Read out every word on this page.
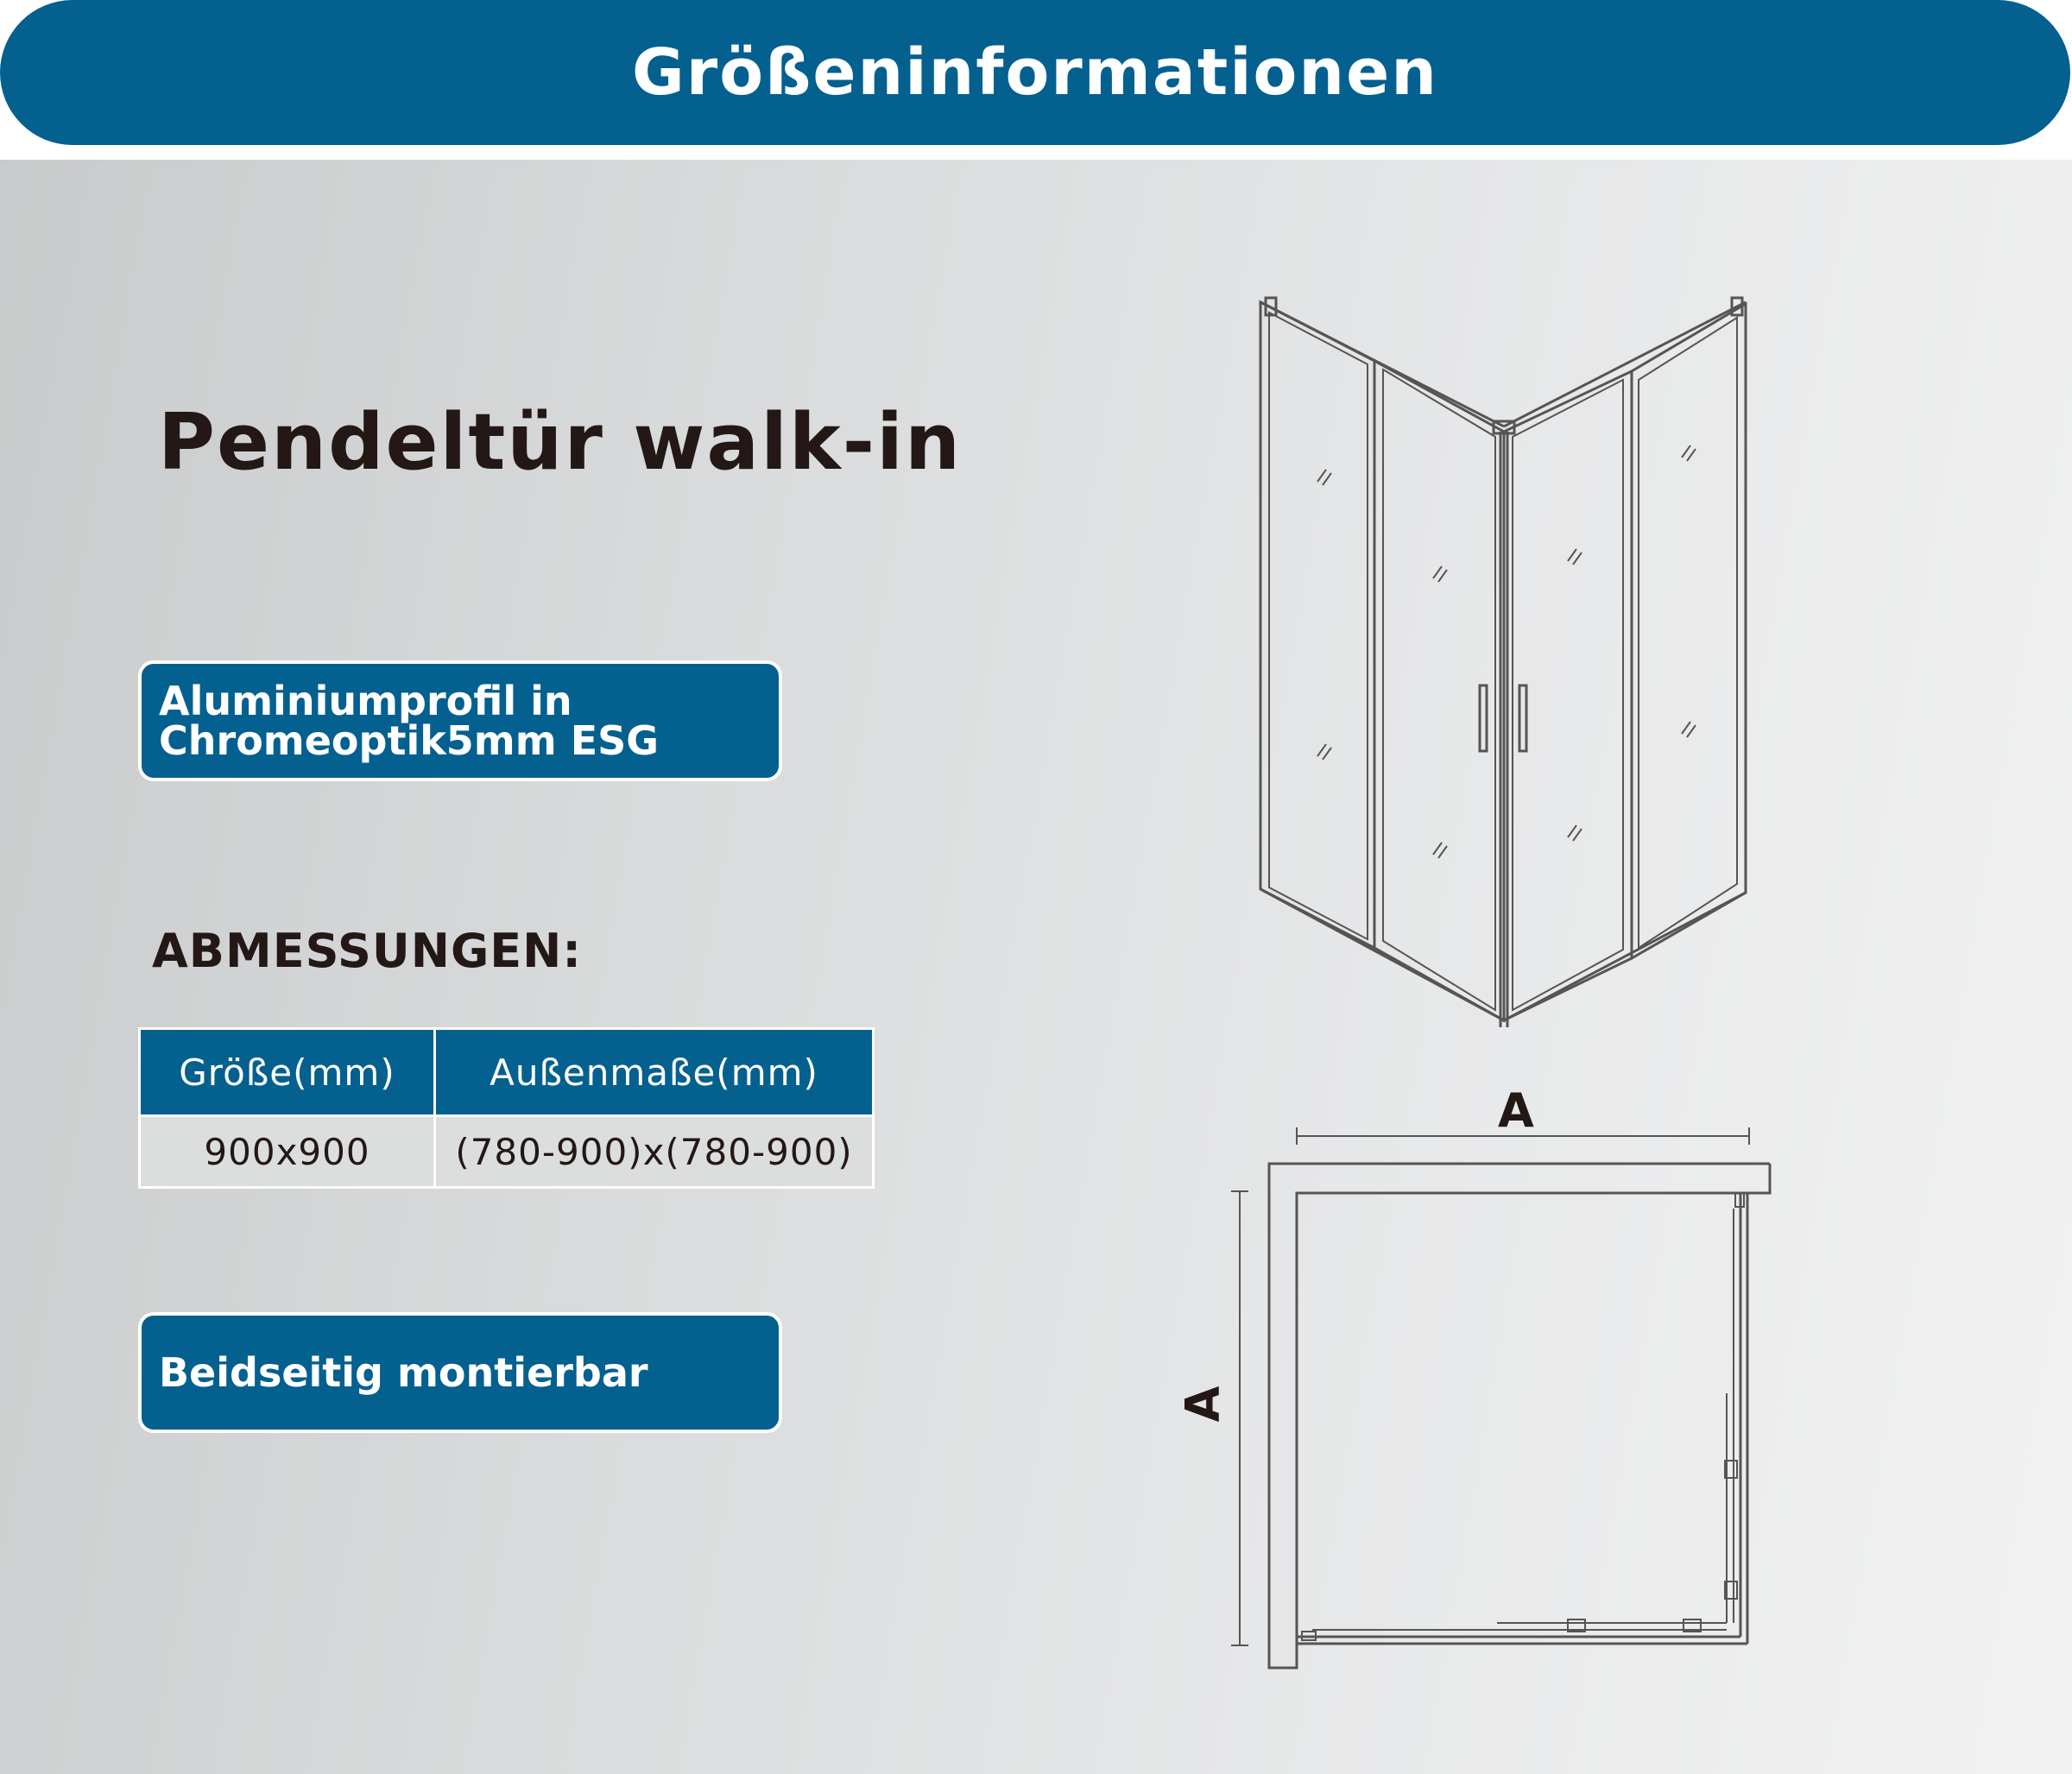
Größeninformationen
Pendeltür walk-in
Aluminiumprofil in
Chromeoptik5mm ESG
ABMESSUNGEN:
Größe(mm)	Außenmaße(mm)
900x900	(780-900)x(780-900)
Beidseitig montierbar
A
A
